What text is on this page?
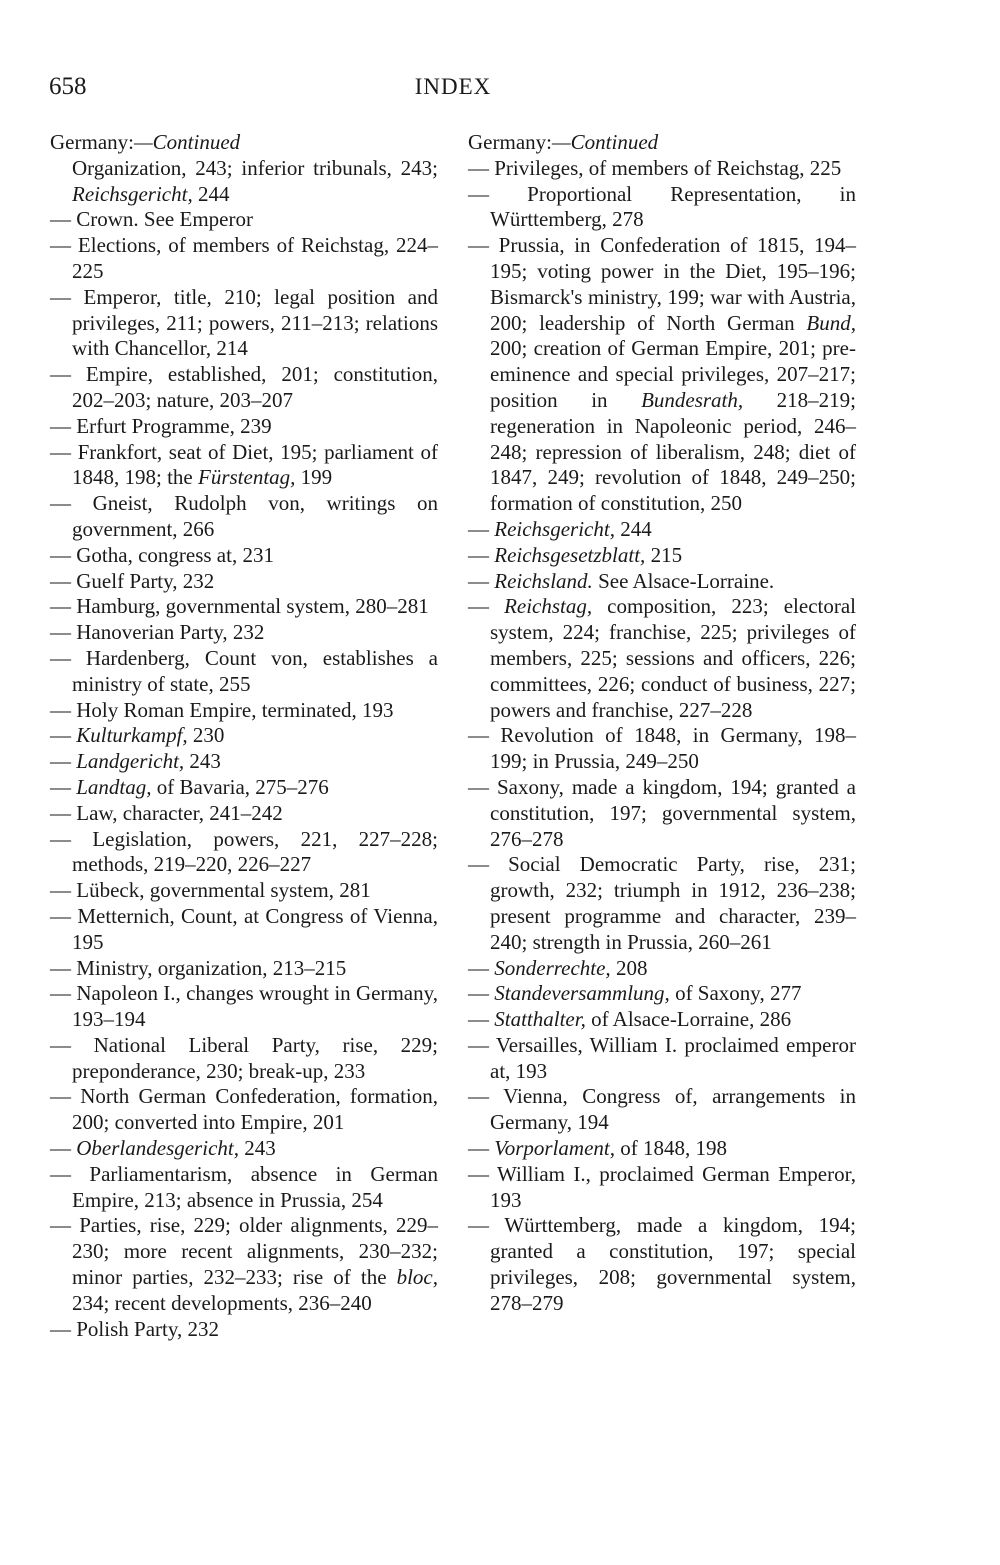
658	INDEX
Germany:—Continued
Organization, 243; inferior tribunals, 243; Reichsgericht, 244
— Crown. See Emperor
— Elections, of members of Reichstag, 224–225
— Emperor, title, 210; legal position and privileges, 211; powers, 211–213; relations with Chancellor, 214
— Empire, established, 201; constitution, 202–203; nature, 203–207
— Erfurt Programme, 239
— Frankfort, seat of Diet, 195; parliament of 1848, 198; the Fürstentag, 199
— Gneist, Rudolph von, writings on government, 266
— Gotha, congress at, 231
— Guelf Party, 232
— Hamburg, governmental system, 280–281
— Hanoverian Party, 232
— Hardenberg, Count von, establishes a ministry of state, 255
— Holy Roman Empire, terminated, 193
— Kulturkampf, 230
— Landgericht, 243
— Landtag, of Bavaria, 275–276
— Law, character, 241–242
— Legislation, powers, 221, 227–228; methods, 219–220, 226–227
— Lübeck, governmental system, 281
— Metternich, Count, at Congress of Vienna, 195
— Ministry, organization, 213–215
— Napoleon I., changes wrought in Germany, 193–194
— National Liberal Party, rise, 229; preponderance, 230; break-up, 233
— North German Confederation, formation, 200; converted into Empire, 201
— Oberlandesgericht, 243
— Parliamentarism, absence in German Empire, 213; absence in Prussia, 254
— Parties, rise, 229; older alignments, 229–230; more recent alignments, 230–232; minor parties, 232–233; rise of the bloc, 234; recent developments, 236–240
— Polish Party, 232
Germany:—Continued
— Privileges, of members of Reichstag, 225
— Proportional Representation, in Württemberg, 278
— Prussia, in Confederation of 1815, 194–195; voting power in the Diet, 195–196; Bismarck's ministry, 199; war with Austria, 200; leadership of North German Bund, 200; creation of German Empire, 201; pre-eminence and special privileges, 207–217; position in Bundesrath, 218–219; regeneration in Napoleonic period, 246–248; repression of liberalism, 248; diet of 1847, 249; revolution of 1848, 249–250; formation of constitution, 250
— Reichsgericht, 244
— Reichsgesetzblatt, 215
— Reichsland. See Alsace-Lorraine.
— Reichstag, composition, 223; electoral system, 224; franchise, 225; privileges of members, 225; sessions and officers, 226; committees, 226; conduct of business, 227; powers and franchise, 227–228
— Revolution of 1848, in Germany, 198–199; in Prussia, 249–250
— Saxony, made a kingdom, 194; granted a constitution, 197; governmental system, 276–278
— Social Democratic Party, rise, 231; growth, 232; triumph in 1912, 236–238; present programme and character, 239–240; strength in Prussia, 260–261
— Sonderrechte, 208
— Standeversammlung, of Saxony, 277
— Statthalter, of Alsace-Lorraine, 286
— Versailles, William I. proclaimed emperor at, 193
— Vienna, Congress of, arrangements in Germany, 194
— Vorporlament, of 1848, 198
— William I., proclaimed German Emperor, 193
— Württemberg, made a kingdom, 194; granted a constitution, 197; special privileges, 208; governmental system, 278–279
